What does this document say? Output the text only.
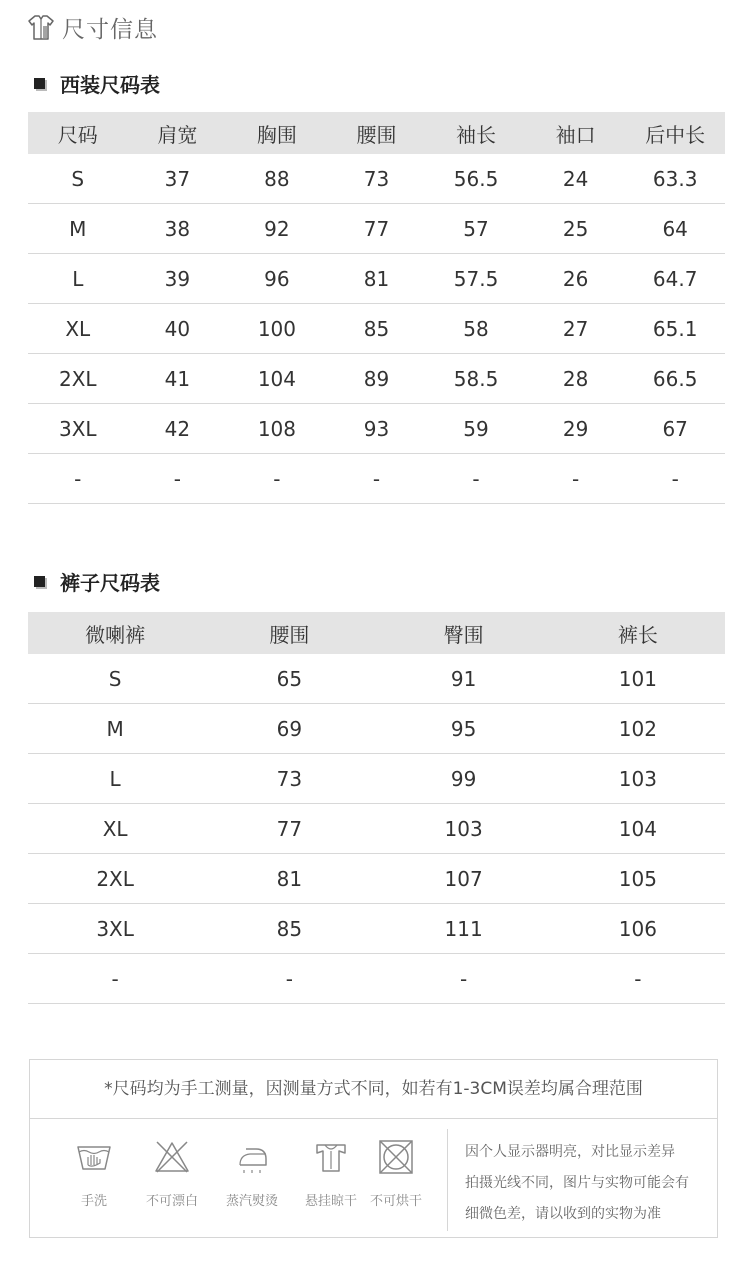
尺寸信息
西装尺码表
尺码	肩宽	胸围	腰围	袖长	袖口	后中长
S	37	88	73	56.5	24	63.3
M	38	92	77	57	25	64
L	39	96	81	57.5	26	64.7
XL	40	100	85	58	27	65.1
2XL	41	104	89	58.5	28	66.5
3XL	42	108	93	59	29	67
-	-	-	-	-	-	-
裤子尺码表
微喇裤	腰围	臀围	裤长
S	65	91	101
M	69	95	102
L	73	99	103
XL	77	103	104
2XL	81	107	105
3XL	85	111	106
-	-	-	-
*尺码均为手工测量，因测量方式不同，如若有1-3CM误差均属合理范围
手洗	不可漂白 蒸汽熨烫 悬挂晾干 不可烘干
因个人显示器明亮，对比显示差异
拍摄光线不同，图片与实物可能会有
细微色差，请以收到的实物为准
